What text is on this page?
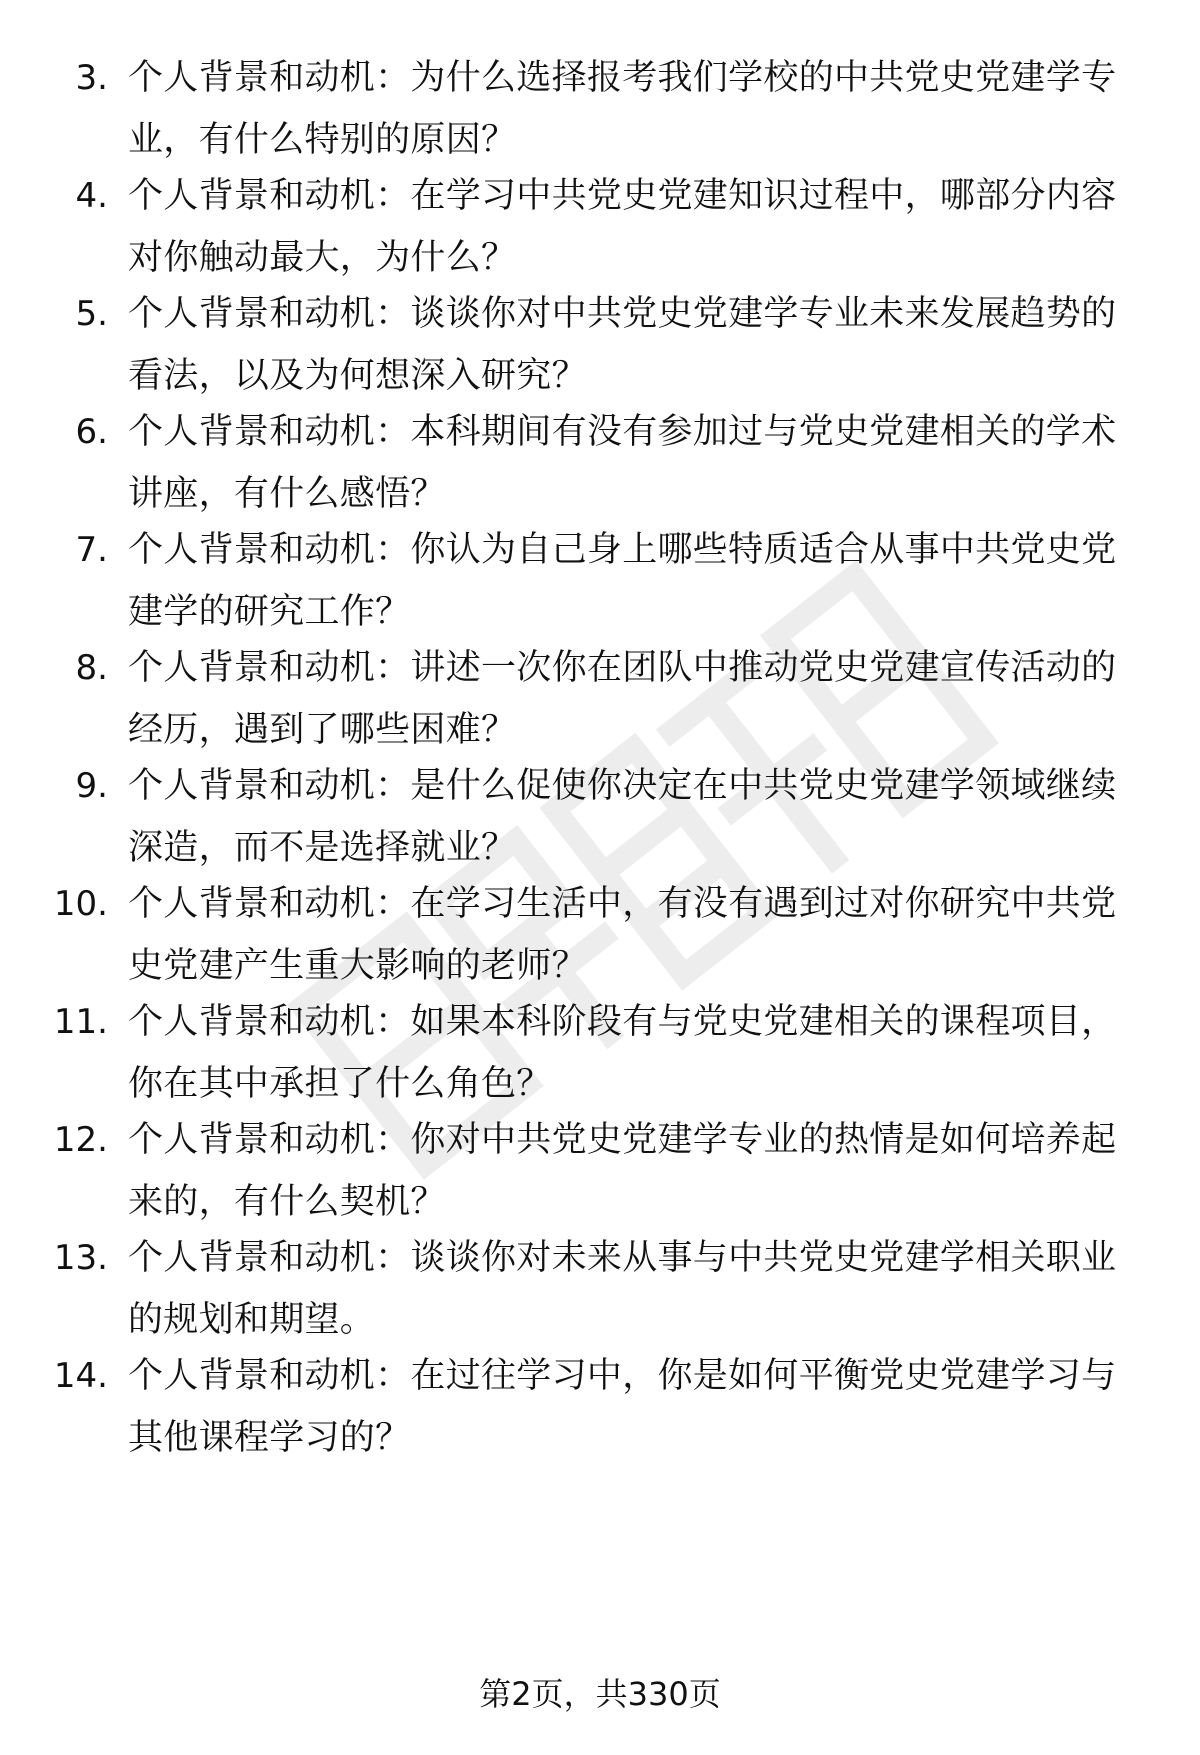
3. 个人背景和动机：为什么选择报考我们学校的中共党史党建学专业，有什么特别的原因？
4. 个人背景和动机：在学习中共党史党建知识过程中，哪部分内容对你触动最大，为什么？
5. 个人背景和动机：谈谈你对中共党史党建学专业未来发展趋势的看法，以及为何想深入研究？
6. 个人背景和动机：本科期间有没有参加过与党史党建相关的学术讲座，有什么感悟？
7. 个人背景和动机：你认为自己身上哪些特质适合从事中共党史党建学的研究工作？
8. 个人背景和动机：讲述一次你在团队中推动党史党建宣传活动的经历，遇到了哪些困难？
9. 个人背景和动机：是什么促使你决定在中共党史党建学领域继续深造，而不是选择就业？
10. 个人背景和动机：在学习生活中，有没有遇到过对你研究中共党史党建产生重大影响的老师？
11. 个人背景和动机：如果本科阶段有与党史党建相关的课程项目，你在其中承担了什么角色？
12. 个人背景和动机：你对中共党史党建学专业的热情是如何培养起来的，有什么契机？
13. 个人背景和动机：谈谈你对未来从事与中共党史党建学相关职业的规划和期望。
14. 个人背景和动机：在过往学习中，你是如何平衡党史党建学习与其他课程学习的？
第2页，共330页
